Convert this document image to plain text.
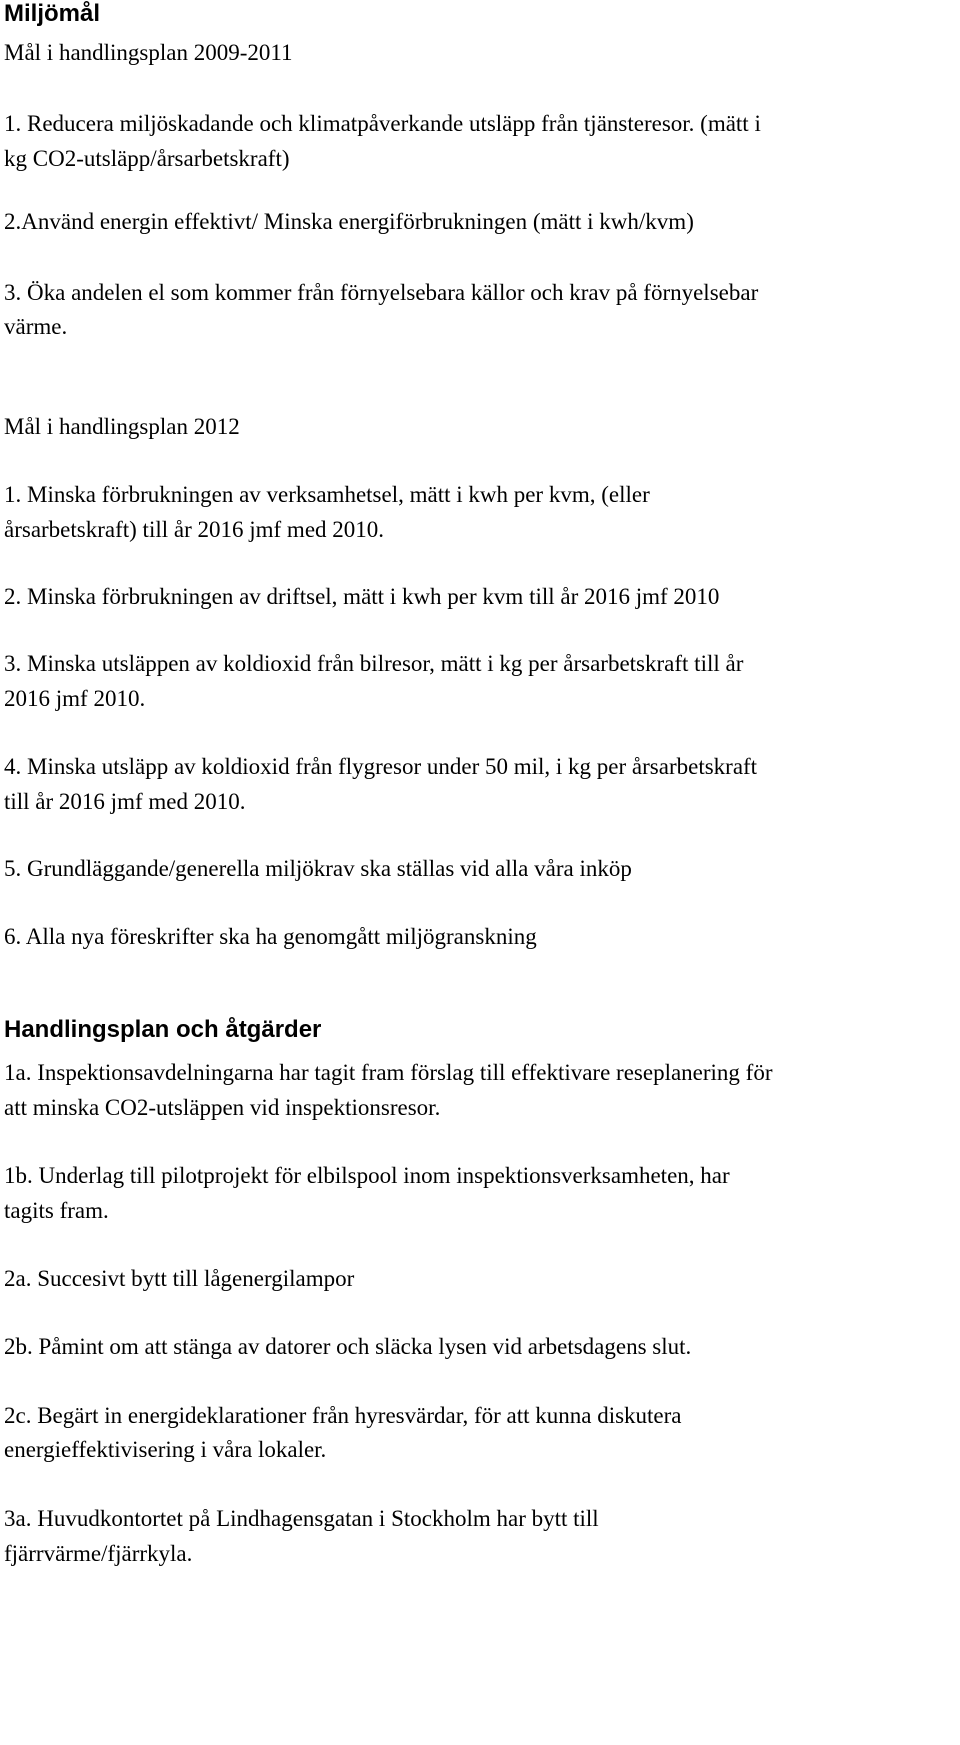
Miljömål
Mål i handlingsplan 2009-2011
1. Reducera miljöskadande och klimatpåverkande utsläpp från tjänsteresor. (mätt i
kg CO2-utsläpp/årsarbetskraft)
2.Använd energin effektivt/ Minska energiförbrukningen (mätt i kwh/kvm)
3. Öka andelen el som kommer från förnyelsebara källor och krav på förnyelsebar
värme.
Mål i handlingsplan 2012
1. Minska förbrukningen av verksamhetsel, mätt i kwh per kvm, (eller
årsarbetskraft) till år 2016 jmf med 2010.
2. Minska förbrukningen av driftsel, mätt i kwh per kvm till år 2016 jmf 2010
3. Minska utsläppen av koldioxid från bilresor, mätt i kg per årsarbetskraft till år
2016 jmf 2010.
4. Minska utsläpp av koldioxid från flygresor under 50 mil, i kg per årsarbetskraft
till år 2016 jmf med 2010.
5. Grundläggande/generella miljökrav ska ställas vid alla våra inköp
6. Alla nya föreskrifter ska ha genomgått miljögranskning
Handlingsplan och åtgärder
1a. Inspektionsavdelningarna har tagit fram förslag till effektivare reseplanering för
att minska CO2-utsläppen vid inspektionsresor.
1b. Underlag till pilotprojekt för elbilspool inom inspektionsverksamheten, har
tagits fram.
2a. Succesivt bytt till lågenergilampor
2b. Påmint om att stänga av datorer och släcka lysen vid arbetsdagens slut.
2c. Begärt in energideklarationer från hyresvärdar, för att kunna diskutera
energieffektivisering i våra lokaler.
3a. Huvudkontortet på Lindhagensgatan i Stockholm har bytt till
fjärrvärme/fjärrkyla.
